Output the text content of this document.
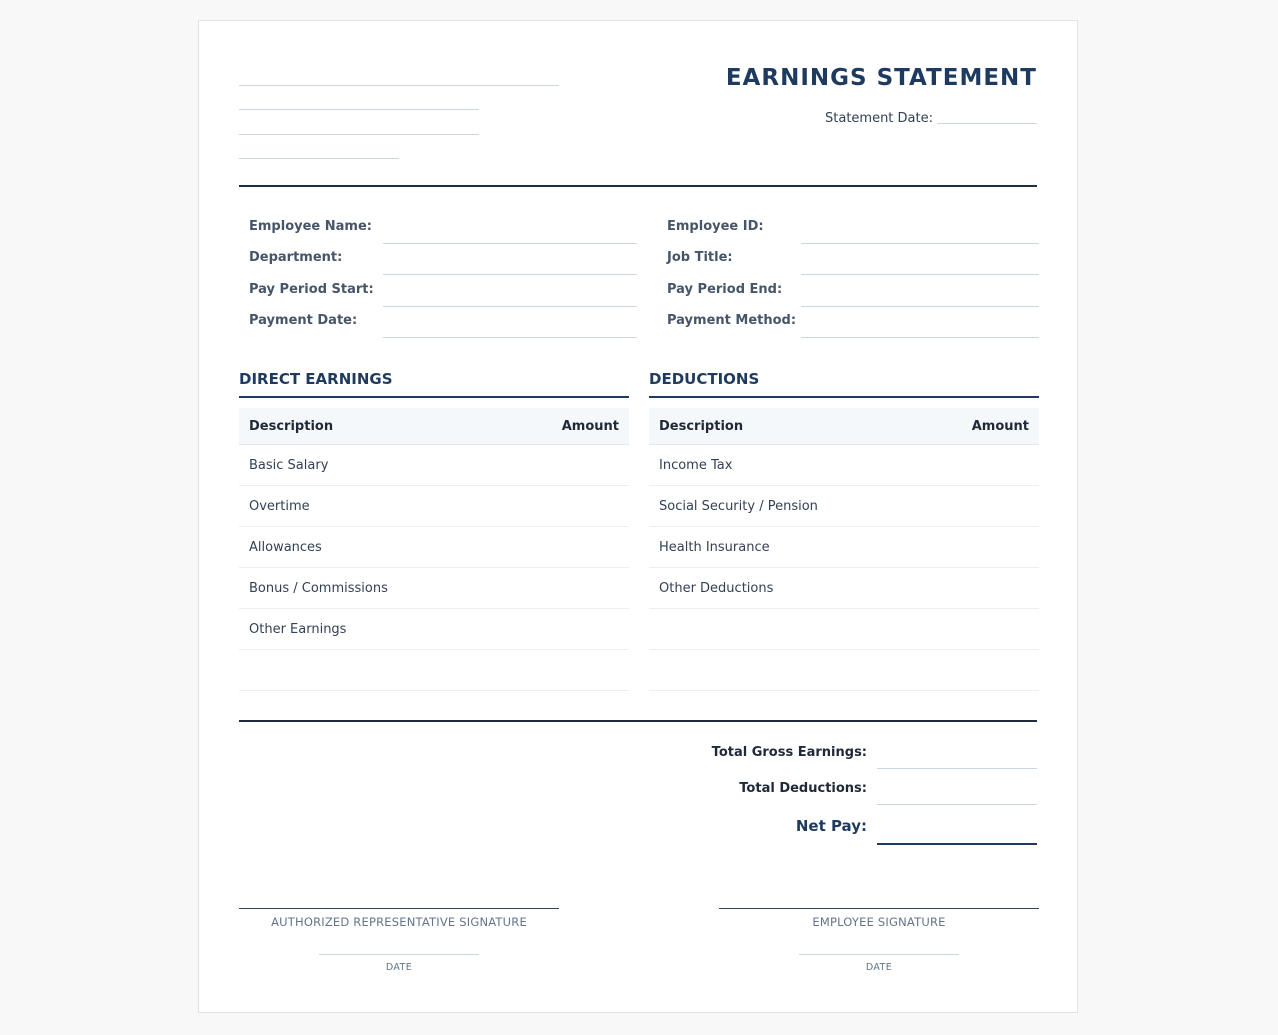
EARNINGS STATEMENT
Statement Date:
Employee Name:
Department:
Pay Period Start:
Payment Date:
Employee ID:
Job Title:
Pay Period End:
Payment Method:
DIRECT EARNINGS
Description	Amount
Basic Salary
Overtime
Allowances
Bonus / Commissions
Other Earnings
DEDUCTIONS
Description	Amount
Income Tax
Social Security / Pension
Health Insurance
Other Deductions
Total Gross Earnings:
Total Deductions:
Net Pay:
AUTHORIZED REPRESENTATIVE SIGNATURE
DATE
EMPLOYEE SIGNATURE
DATE
